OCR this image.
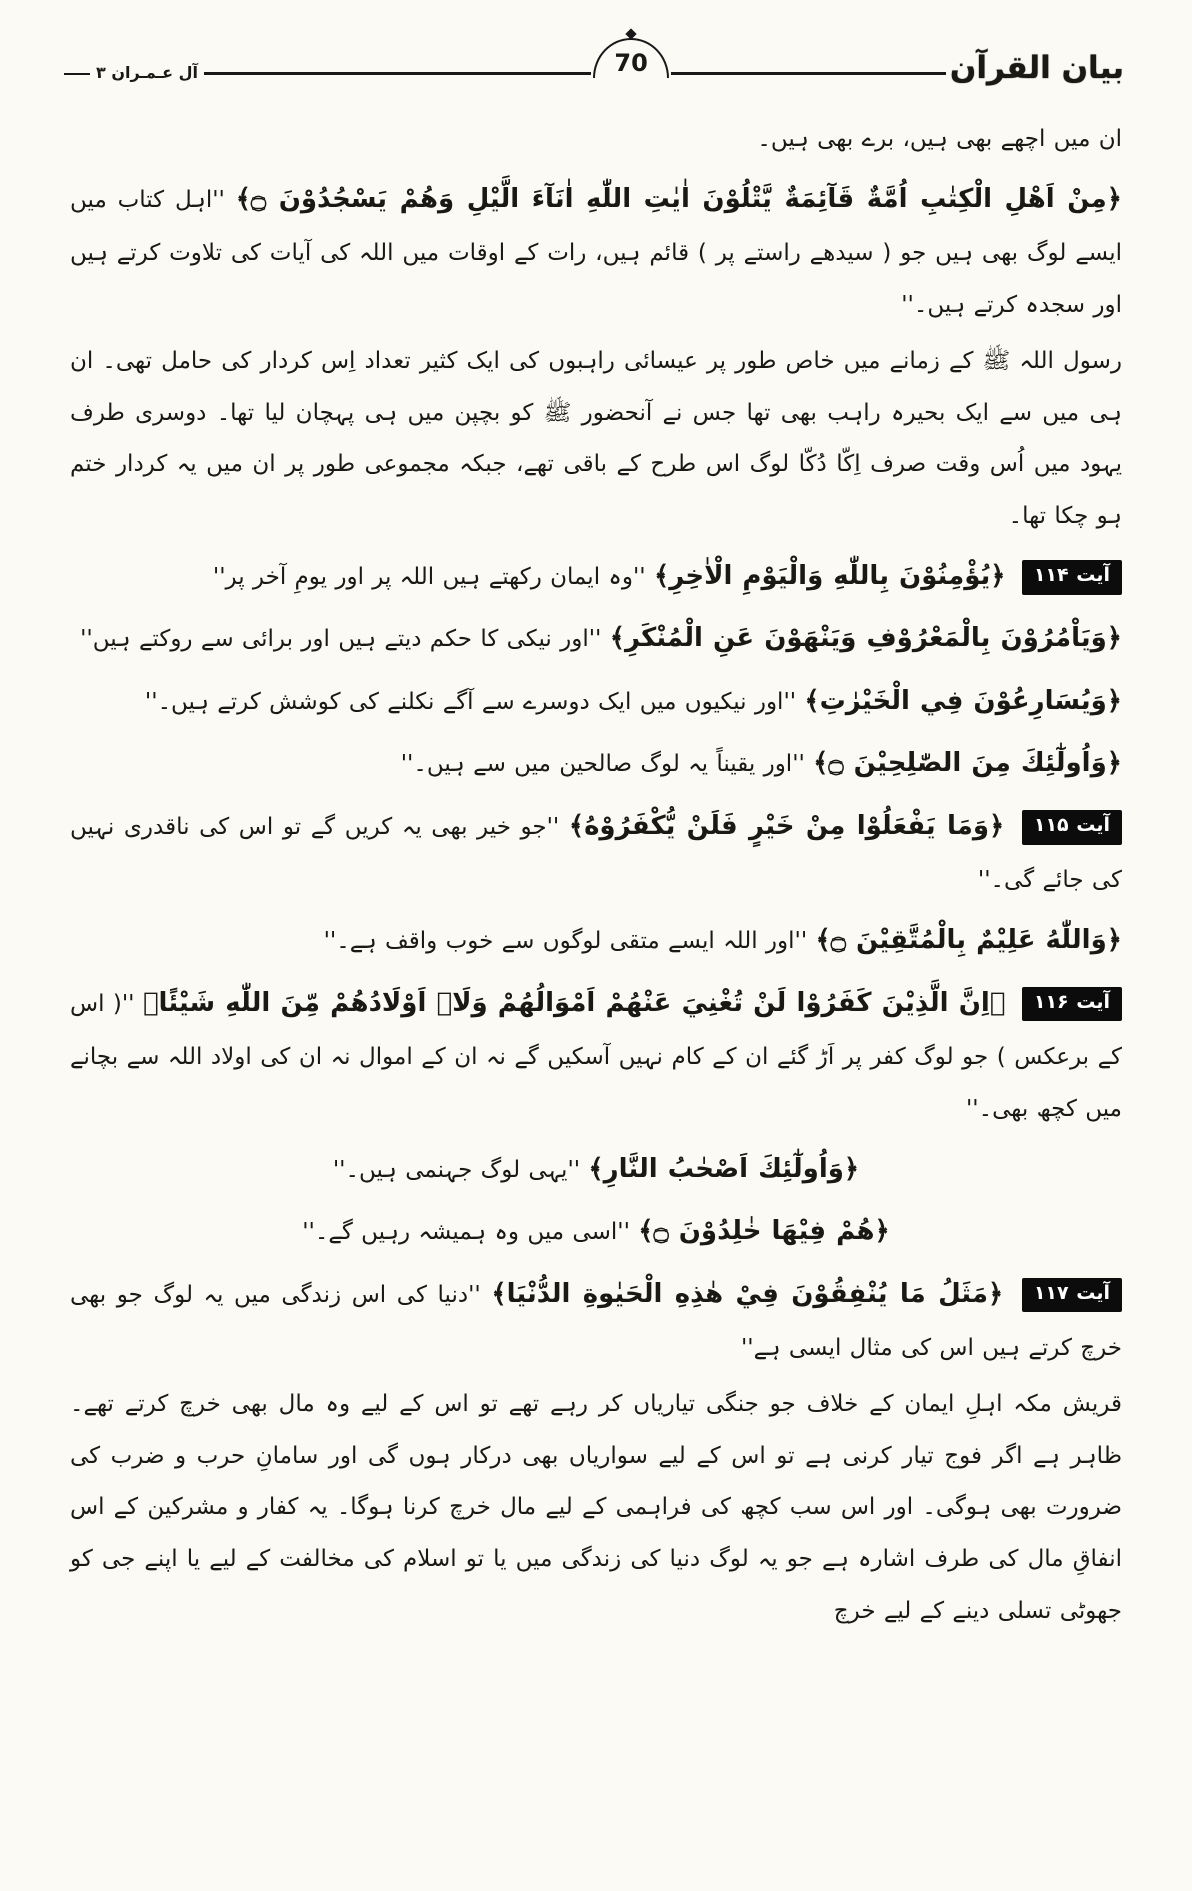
بیان القرآن
70
آل عـمـران ۳

ان میں اچھے بھی ہیں، برے بھی ہیں۔

﴿مِنْ اَهْلِ الْكِتٰبِ اُمَّةٌ قَآئِمَةٌ يَّتْلُوْنَ اٰيٰتِ اللّٰهِ اٰنَآءَ الَّيْلِ وَهُمْ يَسْجُدُوْنَ ۝﴾ ''اہل کتاب میں ایسے لوگ بھی ہیں جو ( سیدھے راستے پر ) قائم ہیں، رات کے اوقات میں اللہ کی آیات کی تلاوت کرتے ہیں اور سجدہ کرتے ہیں۔''

رسول اللہ ﷺ کے زمانے میں خاص طور پر عیسائی راہبوں کی ایک کثیر تعداد اِس کردار کی حامل تھی۔ ان ہی میں سے ایک بحیرہ راہب بھی تھا جس نے آنحضور ﷺ کو بچپن میں ہی پہچان لیا تھا۔ دوسری طرف یہود میں اُس وقت صرف اِکّا دُکّا لوگ اس طرح کے باقی تھے، جبکہ مجموعی طور پر ان میں یہ کردار ختم ہو چکا تھا۔

آیت ۱۱۴ ﴿يُؤْمِنُوْنَ بِاللّٰهِ وَالْيَوْمِ الْاٰخِرِ﴾ ''وہ ایمان رکھتے ہیں اللہ پر اور یومِ آخر پر''

﴿وَيَاْمُرُوْنَ بِالْمَعْرُوْفِ وَيَنْهَوْنَ عَنِ الْمُنْكَرِ﴾ ''اور نیکی کا حکم دیتے ہیں اور برائی سے روکتے ہیں''

﴿وَيُسَارِعُوْنَ فِي الْخَيْرٰتِ﴾ ''اور نیکیوں میں ایک دوسرے سے آگے نکلنے کی کوشش کرتے ہیں۔''

﴿وَاُولٰٓئِكَ مِنَ الصّٰلِحِيْنَ ۝﴾ ''اور یقیناً یہ لوگ صالحین میں سے ہیں۔''

آیت ۱۱۵ ﴿وَمَا يَفْعَلُوْا مِنْ خَيْرٍ فَلَنْ يُّكْفَرُوْهُ﴾ ''جو خیر بھی یہ کریں گے تو اس کی ناقدری نہیں کی جائے گی۔''

﴿وَاللّٰهُ عَلِيْمٌ بِالْمُتَّقِيْنَ ۝﴾ ''اور اللہ ایسے متقی لوگوں سے خوب واقف ہے۔''

آیت ۱۱۶ ﴿اِنَّ الَّذِيْنَ كَفَرُوْا لَنْ تُغْنِيَ عَنْهُمْ اَمْوَالُهُمْ وَلَاۤ اَوْلَادُهُمْ مِّنَ اللّٰهِ شَيْئًا﴾ ''( اس کے برعکس ) جو لوگ کفر پر اَڑ گئے ان کے کام نہیں آسکیں گے نہ ان کے اموال نہ ان کی اولاد اللہ سے بچانے میں کچھ بھی۔''

﴿وَاُولٰٓئِكَ اَصْحٰبُ النَّارِ﴾ ''یہی لوگ جہنمی ہیں۔''

﴿هُمْ فِيْهَا خٰلِدُوْنَ ۝﴾ ''اسی میں وہ ہمیشہ رہیں گے۔''

آیت ۱۱۷ ﴿مَثَلُ مَا يُنْفِقُوْنَ فِيْ هٰذِهِ الْحَيٰوةِ الدُّنْيَا﴾ ''دنیا کی اس زندگی میں یہ لوگ جو بھی خرچ کرتے ہیں اس کی مثال ایسی ہے''

قریش مکہ اہلِ ایمان کے خلاف جو جنگی تیاریاں کر رہے تھے تو اس کے لیے وہ مال بھی خرچ کرتے تھے۔ ظاہر ہے اگر فوج تیار کرنی ہے تو اس کے لیے سواریاں بھی درکار ہوں گی اور سامانِ حرب و ضرب کی ضرورت بھی ہوگی۔ اور اس سب کچھ کی فراہمی کے لیے مال خرچ کرنا ہوگا۔ یہ کفار و مشرکین کے اس انفاقِ مال کی طرف اشارہ ہے جو یہ لوگ دنیا کی زندگی میں یا تو اسلام کی مخالفت کے لیے یا اپنے جی کو جھوٹی تسلی دینے کے لیے خرچ
